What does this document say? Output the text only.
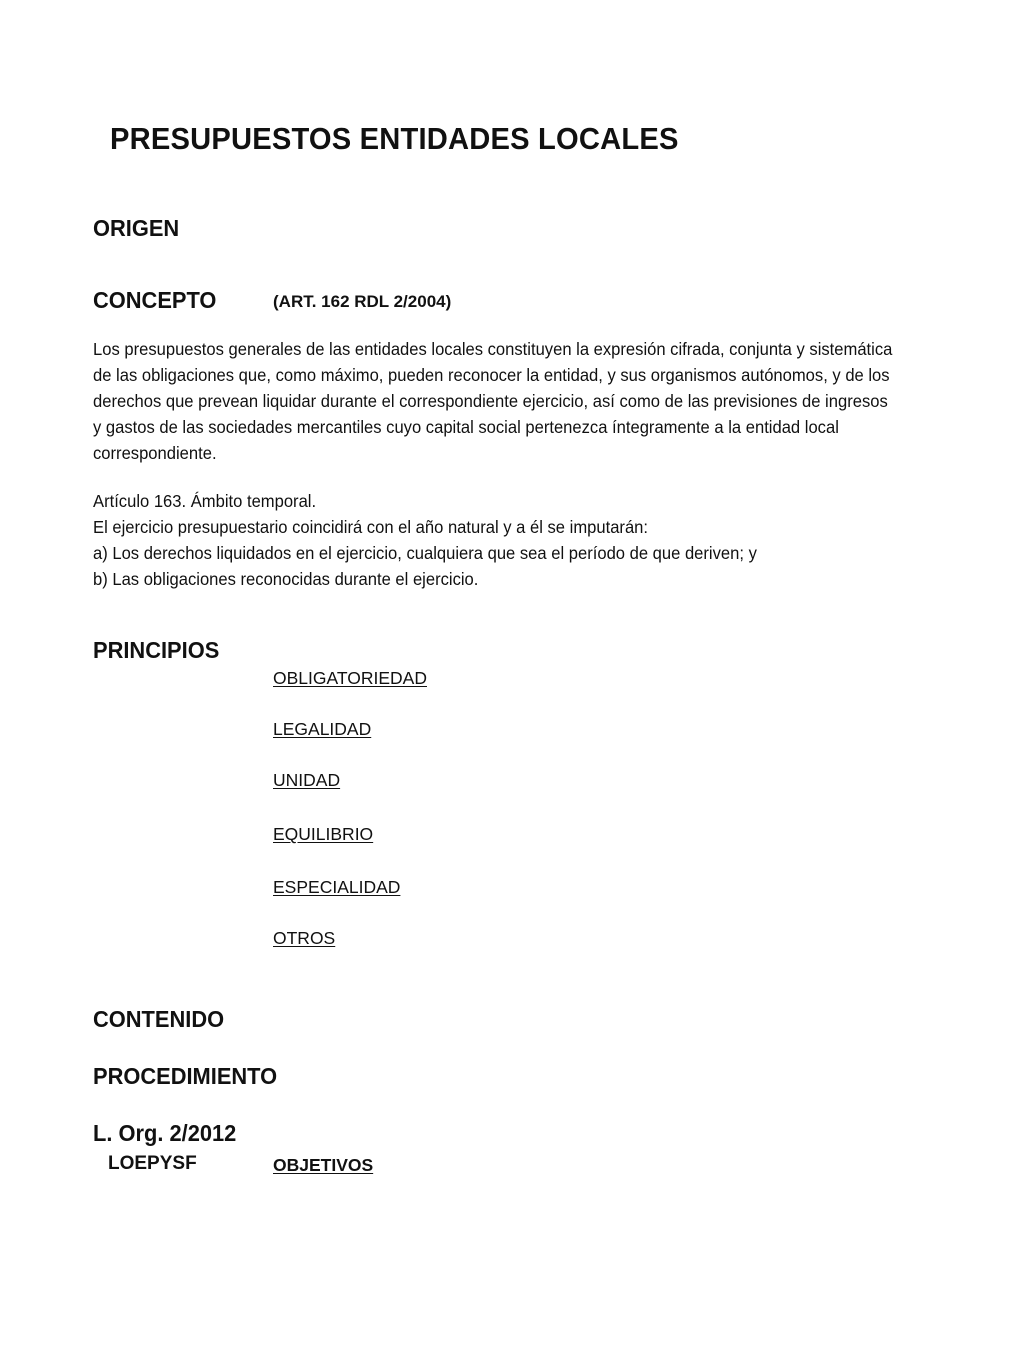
PRESUPUESTOS ENTIDADES LOCALES
ORIGEN
CONCEPTO	(ART. 162 RDL 2/2004)

Los presupuestos generales de las entidades locales constituyen la expresión cifrada, conjunta y sistemática de las obligaciones que, como máximo, pueden reconocer la entidad, y sus organismos autónomos, y de los derechos que prevean liquidar durante el correspondiente ejercicio, así como de las previsiones de ingresos y gastos de las sociedades mercantiles cuyo capital social pertenezca íntegramente a la entidad local correspondiente.

Artículo 163. Ámbito temporal.
El ejercicio presupuestario coincidirá con el año natural y a él se imputarán:
a) Los derechos liquidados en el ejercicio, cualquiera que sea el período de que deriven; y
b) Las obligaciones reconocidas durante el ejercicio.
PRINCIPIOS
OBLIGATORIEDAD
LEGALIDAD
UNIDAD
EQUILIBRIO
ESPECIALIDAD
OTROS
CONTENIDO
PROCEDIMIENTO
L. Org. 2/2012
LOEPYSF	OBJETIVOS
